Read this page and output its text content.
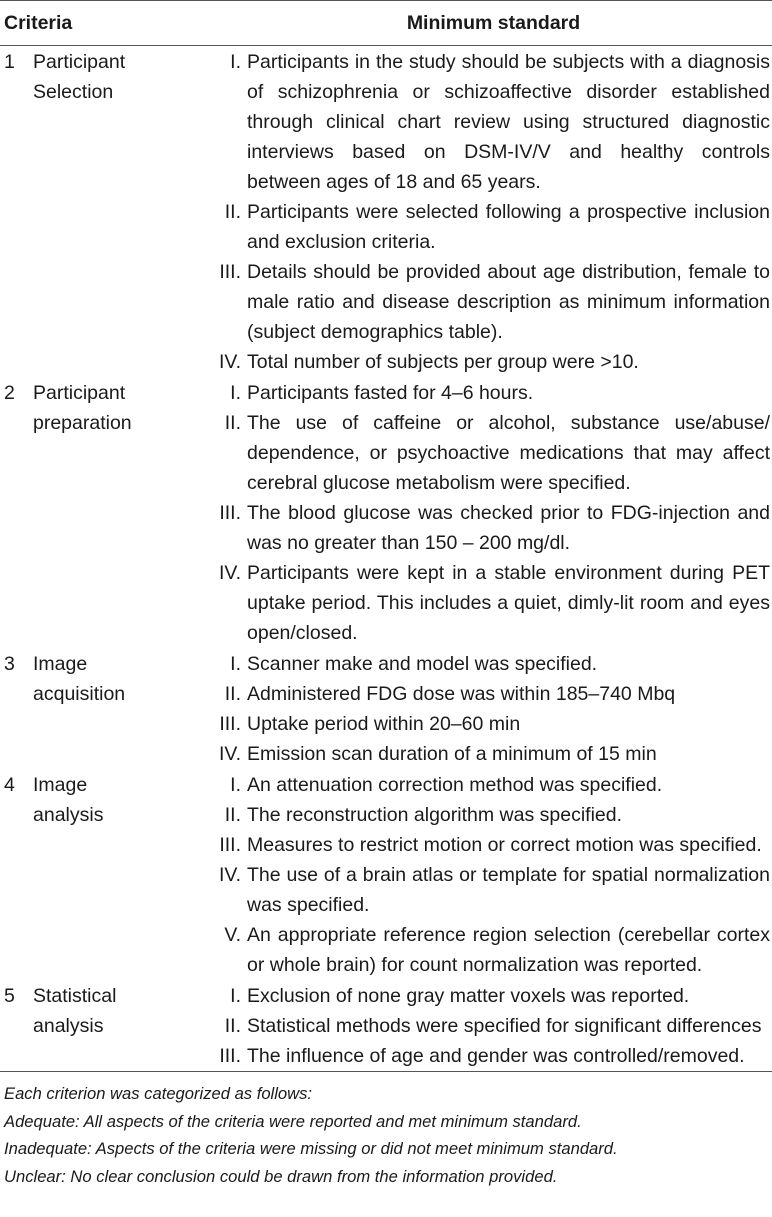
Criteria	Minimum standard
1 Participant
Selection
I. Participants in the study should be subjects with a diagnosis
of schizophrenia or schizoaffective disorder established
through clinical chart review using structured diagnostic
interviews based on DSM-IV/V and healthy controls
between ages of 18 and 65 years.
II. Participants were selected following a prospective inclusion
and exclusion criteria.
III. Details should be provided about age distribution, female to
male ratio and disease description as minimum information
(subject demographics table).
IV. Total number of subjects per group were >10.
2 Participant
preparation
I. Participants fasted for 4–6 hours.
II. The use of caffeine or alcohol, substance use/abuse/
dependence, or psychoactive medications that may affect
cerebral glucose metabolism were specified.
III. The blood glucose was checked prior to FDG-injection and
was no greater than 150 – 200 mg/dl.
IV. Participants were kept in a stable environment during PET
uptake period. This includes a quiet, dimly-lit room and eyes
open/closed.
3 Image
acquisition
I. Scanner make and model was specified.
II. Administered FDG dose was within 185–740 Mbq
III. Uptake period within 20–60 min
IV. Emission scan duration of a minimum of 15 min
4 Image
analysis
I. An attenuation correction method was specified.
II. The reconstruction algorithm was specified.
III. Measures to restrict motion or correct motion was specified.
IV. The use of a brain atlas or template for spatial normalization
was specified.
V. An appropriate reference region selection (cerebellar cortex
or whole brain) for count normalization was reported.
5 Statistical
analysis
I. Exclusion of none gray matter voxels was reported.
II. Statistical methods were specified for significant differences
III. The influence of age and gender was controlled/removed.
Each criterion was categorized as follows:
Adequate: All aspects of the criteria were reported and met minimum standard.
Inadequate: Aspects of the criteria were missing or did not meet minimum standard.
Unclear: No clear conclusion could be drawn from the information provided.
